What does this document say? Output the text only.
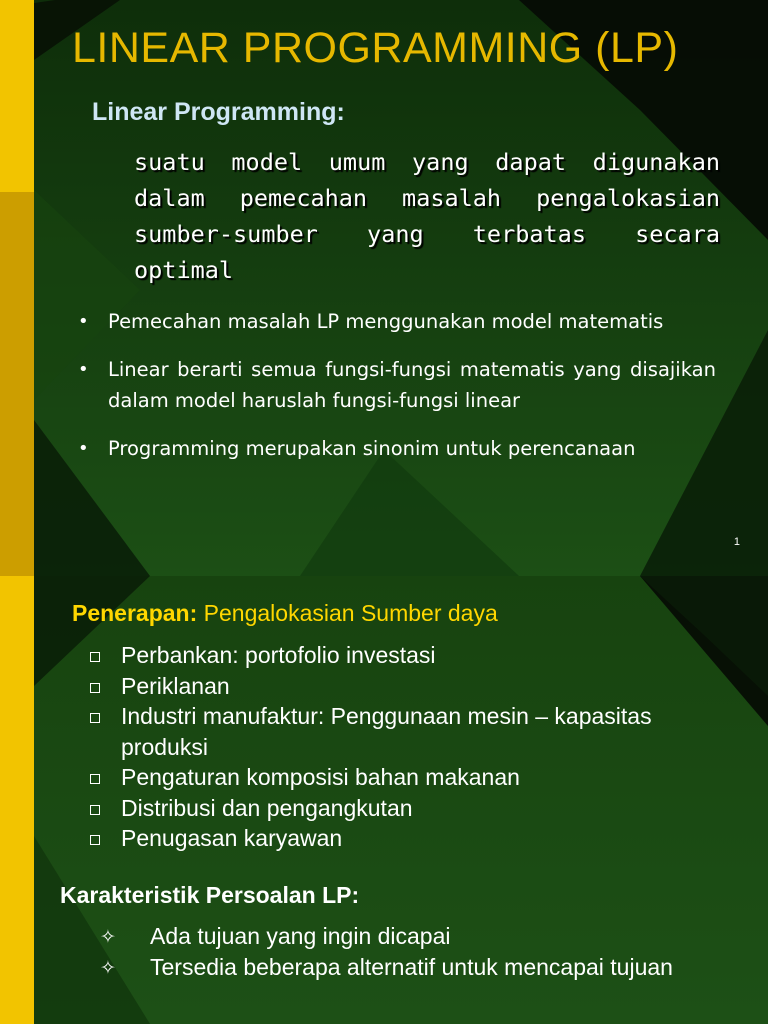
LINEAR PROGRAMMING (LP)
Linear Programming:
suatu model umum yang dapat digunakan dalam pemecahan masalah pengalokasian sumber-sumber yang terbatas secara optimal
• Pemecahan masalah LP menggunakan model matematis
• Linear berarti semua fungsi-fungsi matematis yang disajikan dalam model haruslah fungsi-fungsi linear
• Programming merupakan sinonim untuk perencanaan
1
Penerapan: Pengalokasian Sumber daya
Perbankan: portofolio investasi
Periklanan
Industri manufaktur: Penggunaan mesin – kapasitas produksi
Pengaturan komposisi bahan makanan
Distribusi dan pengangkutan
Penugasan karyawan
Karakteristik Persoalan LP:
✧ Ada tujuan yang ingin dicapai
✧ Tersedia beberapa alternatif untuk mencapai tujuan
